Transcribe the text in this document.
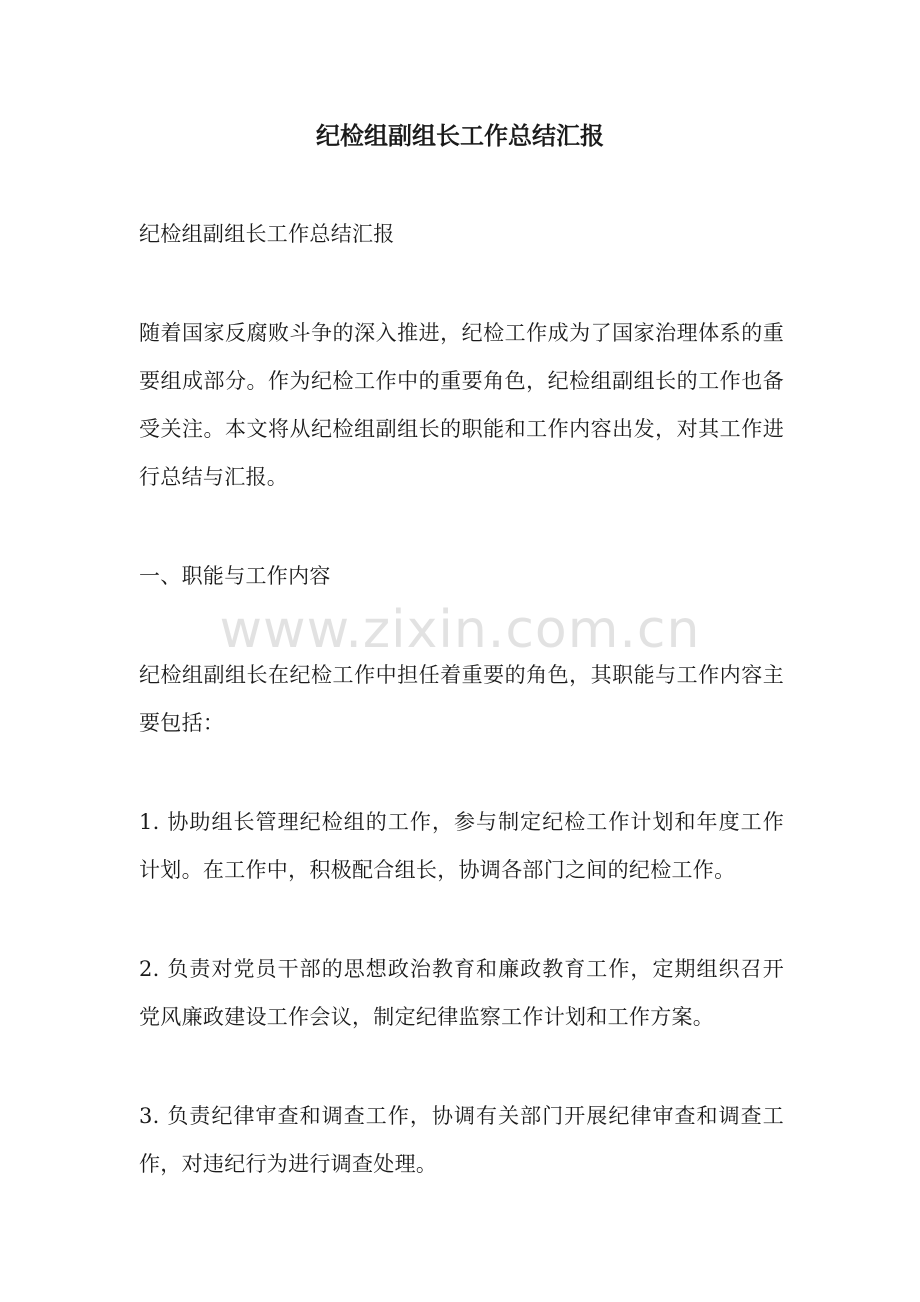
纪检组副组长工作总结汇报

纪检组副组长工作总结汇报

随着国家反腐败斗争的深入推进，纪检工作成为了国家治理体系的重要组成部分。作为纪检工作中的重要角色，纪检组副组长的工作也备受关注。本文将从纪检组副组长的职能和工作内容出发，对其工作进行总结与汇报。

一、职能与工作内容

纪检组副组长在纪检工作中担任着重要的角色，其职能与工作内容主要包括：

1. 协助组长管理纪检组的工作，参与制定纪检工作计划和年度工作计划。在工作中，积极配合组长，协调各部门之间的纪检工作。

2. 负责对党员干部的思想政治教育和廉政教育工作，定期组织召开党风廉政建设工作会议，制定纪律监察工作计划和工作方案。

3. 负责纪律审查和调查工作，协调有关部门开展纪律审查和调查工作，对违纪行为进行调查处理。

www.zixin.com.cn
